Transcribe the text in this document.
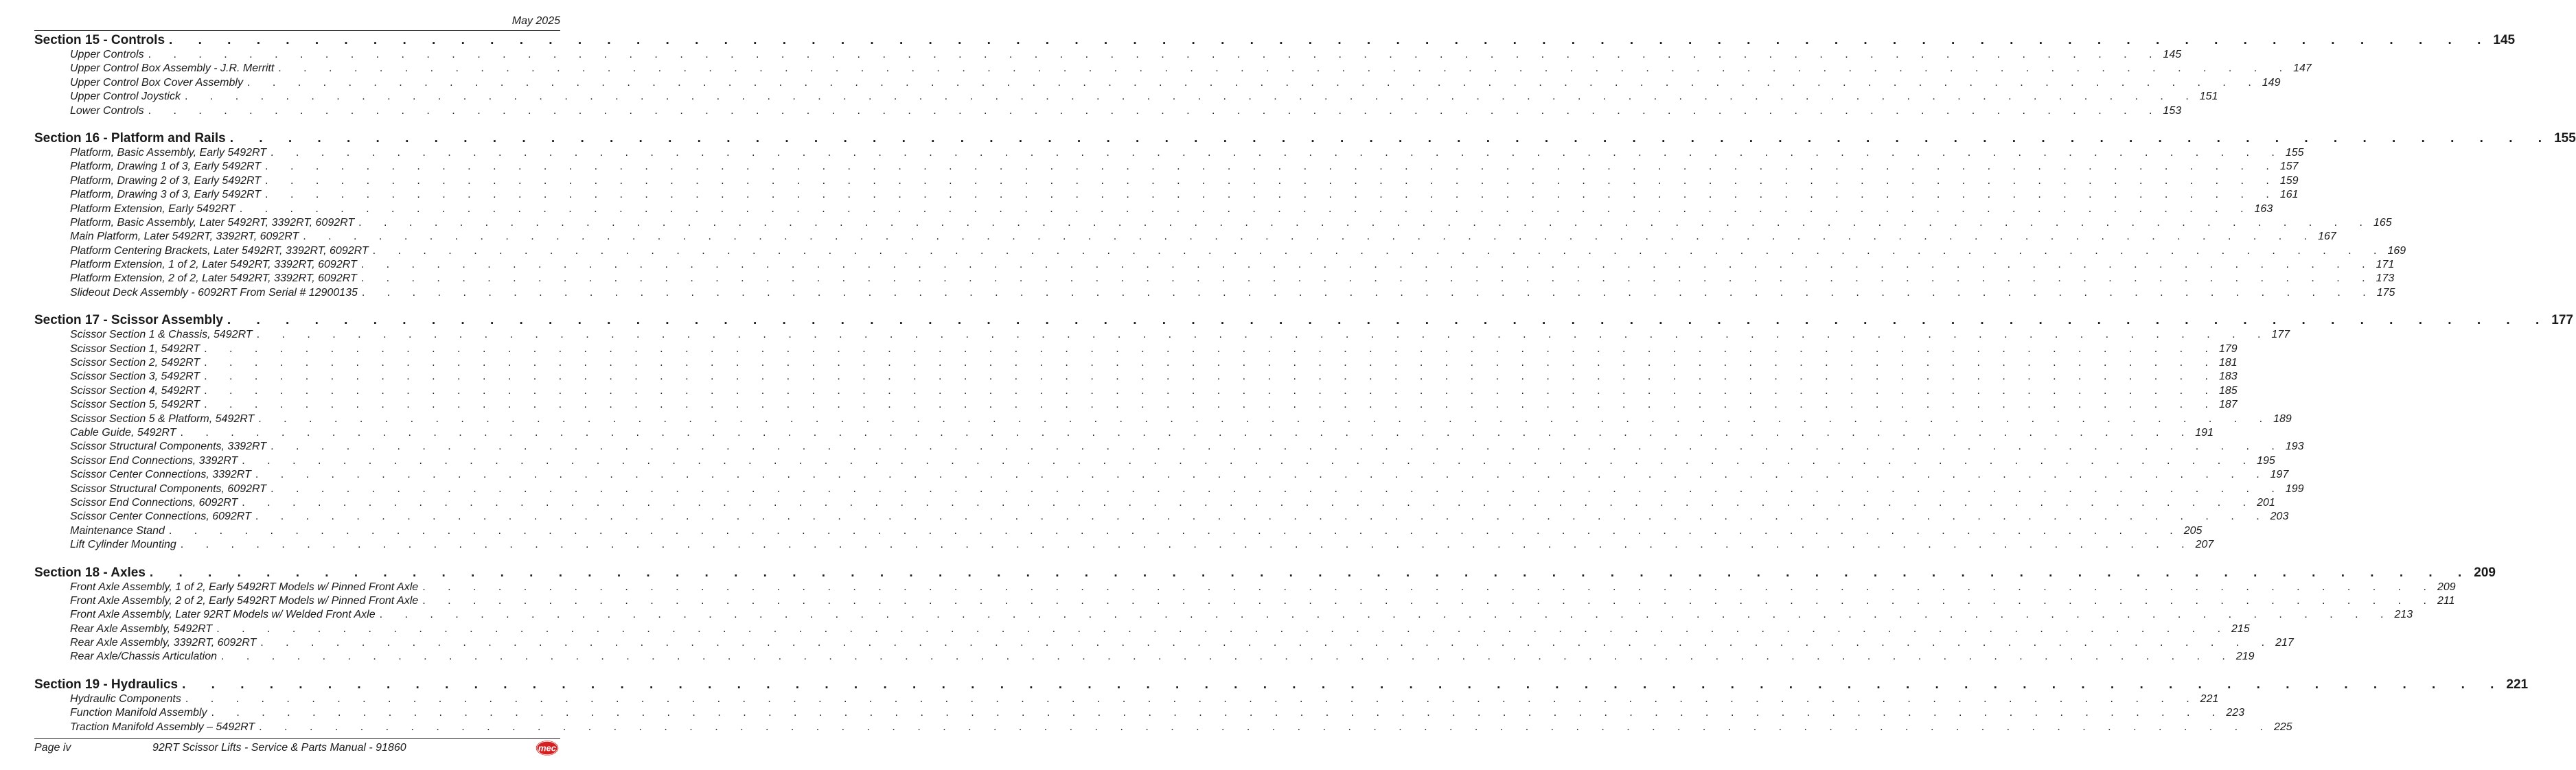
May 2025
Section 15 - Controls . . . . . . . . . . . . . . . . . . . . . . . . . . . . . . . . . . . . . . . . . . . . . . . . . . . . . . . . . . . . . . . . . . . . . . . . . . . . . . . . 145
Upper Controls . . . . . . . . . . . . . . . . . . . . . . . . . . . . . . . . . . . . . . . . . . . . . . . . . . . . . . . . . . . . . . . . . . . . . . . . . . . . . . . . 145
Upper Control Box Assembly - J.R. Merritt . . . . . . . . . . . . . . . . . . . . . . . . . . . . . . . . . . . . . . . . . . . . . . . . . . . . . . . . . . . . . . . . . . . . . . . . . . . . . . . . 147
Upper Control Box Cover Assembly . . . . . . . . . . . . . . . . . . . . . . . . . . . . . . . . . . . . . . . . . . . . . . . . . . . . . . . . . . . . . . . . . . . . . . . . . . . . . . . . 149
Upper Control Joystick . . . . . . . . . . . . . . . . . . . . . . . . . . . . . . . . . . . . . . . . . . . . . . . . . . . . . . . . . . . . . . . . . . . . . . . . . . . . . . . . 151
Lower Controls . . . . . . . . . . . . . . . . . . . . . . . . . . . . . . . . . . . . . . . . . . . . . . . . . . . . . . . . . . . . . . . . . . . . . . . . . . . . . . . . 153
Section 16 - Platform and Rails . . . . . . . . . . . . . . . . . . . . . . . . . . . . . . . . . . . . . . . . . . . . . . . . . . . . . . . . . . . . . . . . . . . . . . . . . . . . . . . . 155
Platform, Basic Assembly, Early 5492RT . . . . . . . . . . . . . . . . . . . . . . . . . . . . . . . . . . . . . . . . . . . . . . . . . . . . . . . . . . . . . . . . . . . . . . . . . . . . . . . . 155
Platform, Drawing 1 of 3, Early 5492RT . . . . . . . . . . . . . . . . . . . . . . . . . . . . . . . . . . . . . . . . . . . . . . . . . . . . . . . . . . . . . . . . . . . . . . . . . . . . . . . . 157
Platform, Drawing 2 of 3, Early 5492RT . . . . . . . . . . . . . . . . . . . . . . . . . . . . . . . . . . . . . . . . . . . . . . . . . . . . . . . . . . . . . . . . . . . . . . . . . . . . . . . . 159
Platform, Drawing 3 of 3, Early 5492RT . . . . . . . . . . . . . . . . . . . . . . . . . . . . . . . . . . . . . . . . . . . . . . . . . . . . . . . . . . . . . . . . . . . . . . . . . . . . . . . . 161
Platform Extension, Early 5492RT . . . . . . . . . . . . . . . . . . . . . . . . . . . . . . . . . . . . . . . . . . . . . . . . . . . . . . . . . . . . . . . . . . . . . . . . . . . . . . . . 163
Platform, Basic Assembly, Later 5492RT, 3392RT, 6092RT . . . . . . . . . . . . . . . . . . . . . . . . . . . . . . . . . . . . . . . . . . . . . . . . . . . . . . . . . . . . . . . . . . . . . . . . . . . . . . . . 165
Main Platform, Later 5492RT, 3392RT, 6092RT . . . . . . . . . . . . . . . . . . . . . . . . . . . . . . . . . . . . . . . . . . . . . . . . . . . . . . . . . . . . . . . . . . . . . . . . . . . . . . . . 167
Platform Centering Brackets, Later 5492RT, 3392RT, 6092RT . . . . . . . . . . . . . . . . . . . . . . . . . . . . . . . . . . . . . . . . . . . . . . . . . . . . . . . . . . . . . . . . . . . . . . . . . . . . . . . . 169
Platform Extension, 1 of 2, Later 5492RT, 3392RT, 6092RT . . . . . . . . . . . . . . . . . . . . . . . . . . . . . . . . . . . . . . . . . . . . . . . . . . . . . . . . . . . . . . . . . . . . . . . . . . . . . . . . 171
Platform Extension, 2 of 2, Later 5492RT, 3392RT, 6092RT . . . . . . . . . . . . . . . . . . . . . . . . . . . . . . . . . . . . . . . . . . . . . . . . . . . . . . . . . . . . . . . . . . . . . . . . . . . . . . . . 173
Slideout Deck Assembly - 6092RT From Serial # 12900135 . . . . . . . . . . . . . . . . . . . . . . . . . . . . . . . . . . . . . . . . . . . . . . . . . . . . . . . . . . . . . . . . . . . . . . . . . . . . . . . . 175
Section 17 - Scissor Assembly . . . . . . . . . . . . . . . . . . . . . . . . . . . . . . . . . . . . . . . . . . . . . . . . . . . . . . . . . . . . . . . . . . . . . . . . . . . . . . . . 177
Scissor Section 1 & Chassis, 5492RT . . . . . . . . . . . . . . . . . . . . . . . . . . . . . . . . . . . . . . . . . . . . . . . . . . . . . . . . . . . . . . . . . . . . . . . . . . . . . . . . 177
Scissor Section 1, 5492RT . . . . . . . . . . . . . . . . . . . . . . . . . . . . . . . . . . . . . . . . . . . . . . . . . . . . . . . . . . . . . . . . . . . . . . . . . . . . . . . . 179
Scissor Section 2, 5492RT . . . . . . . . . . . . . . . . . . . . . . . . . . . . . . . . . . . . . . . . . . . . . . . . . . . . . . . . . . . . . . . . . . . . . . . . . . . . . . . . 181
Scissor Section 3, 5492RT . . . . . . . . . . . . . . . . . . . . . . . . . . . . . . . . . . . . . . . . . . . . . . . . . . . . . . . . . . . . . . . . . . . . . . . . . . . . . . . . 183
Scissor Section 4, 5492RT . . . . . . . . . . . . . . . . . . . . . . . . . . . . . . . . . . . . . . . . . . . . . . . . . . . . . . . . . . . . . . . . . . . . . . . . . . . . . . . . 185
Scissor Section 5, 5492RT . . . . . . . . . . . . . . . . . . . . . . . . . . . . . . . . . . . . . . . . . . . . . . . . . . . . . . . . . . . . . . . . . . . . . . . . . . . . . . . . 187
Scissor Section 5 & Platform, 5492RT . . . . . . . . . . . . . . . . . . . . . . . . . . . . . . . . . . . . . . . . . . . . . . . . . . . . . . . . . . . . . . . . . . . . . . . . . . . . . . . . 189
Cable Guide, 5492RT . . . . . . . . . . . . . . . . . . . . . . . . . . . . . . . . . . . . . . . . . . . . . . . . . . . . . . . . . . . . . . . . . . . . . . . . . . . . . . . . 191
Scissor Structural Components, 3392RT . . . . . . . . . . . . . . . . . . . . . . . . . . . . . . . . . . . . . . . . . . . . . . . . . . . . . . . . . . . . . . . . . . . . . . . . . . . . . . . . 193
Scissor End Connections, 3392RT . . . . . . . . . . . . . . . . . . . . . . . . . . . . . . . . . . . . . . . . . . . . . . . . . . . . . . . . . . . . . . . . . . . . . . . . . . . . . . . . 195
Scissor Center Connections, 3392RT . . . . . . . . . . . . . . . . . . . . . . . . . . . . . . . . . . . . . . . . . . . . . . . . . . . . . . . . . . . . . . . . . . . . . . . . . . . . . . . . 197
Scissor Structural Components, 6092RT . . . . . . . . . . . . . . . . . . . . . . . . . . . . . . . . . . . . . . . . . . . . . . . . . . . . . . . . . . . . . . . . . . . . . . . . . . . . . . . . 199
Scissor End Connections, 6092RT . . . . . . . . . . . . . . . . . . . . . . . . . . . . . . . . . . . . . . . . . . . . . . . . . . . . . . . . . . . . . . . . . . . . . . . . . . . . . . . . 201
Scissor Center Connections, 6092RT . . . . . . . . . . . . . . . . . . . . . . . . . . . . . . . . . . . . . . . . . . . . . . . . . . . . . . . . . . . . . . . . . . . . . . . . . . . . . . . . 203
Maintenance Stand . . . . . . . . . . . . . . . . . . . . . . . . . . . . . . . . . . . . . . . . . . . . . . . . . . . . . . . . . . . . . . . . . . . . . . . . . . . . . . . . 205
Lift Cylinder Mounting . . . . . . . . . . . . . . . . . . . . . . . . . . . . . . . . . . . . . . . . . . . . . . . . . . . . . . . . . . . . . . . . . . . . . . . . . . . . . . . . 207
Section 18 - Axles . . . . . . . . . . . . . . . . . . . . . . . . . . . . . . . . . . . . . . . . . . . . . . . . . . . . . . . . . . . . . . . . . . . . . . . . . . . . . . . . 209
Front Axle Assembly, 1 of 2, Early 5492RT Models w/ Pinned Front Axle . . . . . . . . . . . . . . . . . . . . . . . . . . . . . . . . . . . . . . . . . . . . . . . . . . . . . . . . . . . . . . . . . . . . . . . . . . . . . . . . 209
Front Axle Assembly, 2 of 2, Early 5492RT Models w/ Pinned Front Axle . . . . . . . . . . . . . . . . . . . . . . . . . . . . . . . . . . . . . . . . . . . . . . . . . . . . . . . . . . . . . . . . . . . . . . . . . . . . . . . . 211
Front Axle Assembly, Later 92RT Models w/ Welded Front Axle . . . . . . . . . . . . . . . . . . . . . . . . . . . . . . . . . . . . . . . . . . . . . . . . . . . . . . . . . . . . . . . . . . . . . . . . . . . . . . . . 213
Rear Axle Assembly, 5492RT . . . . . . . . . . . . . . . . . . . . . . . . . . . . . . . . . . . . . . . . . . . . . . . . . . . . . . . . . . . . . . . . . . . . . . . . . . . . . . . . 215
Rear Axle Assembly, 3392RT, 6092RT . . . . . . . . . . . . . . . . . . . . . . . . . . . . . . . . . . . . . . . . . . . . . . . . . . . . . . . . . . . . . . . . . . . . . . . . . . . . . . . . 217
Rear Axle/Chassis Articulation . . . . . . . . . . . . . . . . . . . . . . . . . . . . . . . . . . . . . . . . . . . . . . . . . . . . . . . . . . . . . . . . . . . . . . . . . . . . . . . . 219
Section 19 - Hydraulics . . . . . . . . . . . . . . . . . . . . . . . . . . . . . . . . . . . . . . . . . . . . . . . . . . . . . . . . . . . . . . . . . . . . . . . . . . . . . . . . 221
Hydraulic Components . . . . . . . . . . . . . . . . . . . . . . . . . . . . . . . . . . . . . . . . . . . . . . . . . . . . . . . . . . . . . . . . . . . . . . . . . . . . . . . . 221
Function Manifold Assembly . . . . . . . . . . . . . . . . . . . . . . . . . . . . . . . . . . . . . . . . . . . . . . . . . . . . . . . . . . . . . . . . . . . . . . . . . . . . . . . . 223
Traction Manifold Assembly – 5492RT . . . . . . . . . . . . . . . . . . . . . . . . . . . . . . . . . . . . . . . . . . . . . . . . . . . . . . . . . . . . . . . . . . . . . . . . . . . . . . . . 225
Page iv	92RT Scissor Lifts - Service & Parts Manual - 91860	mec
